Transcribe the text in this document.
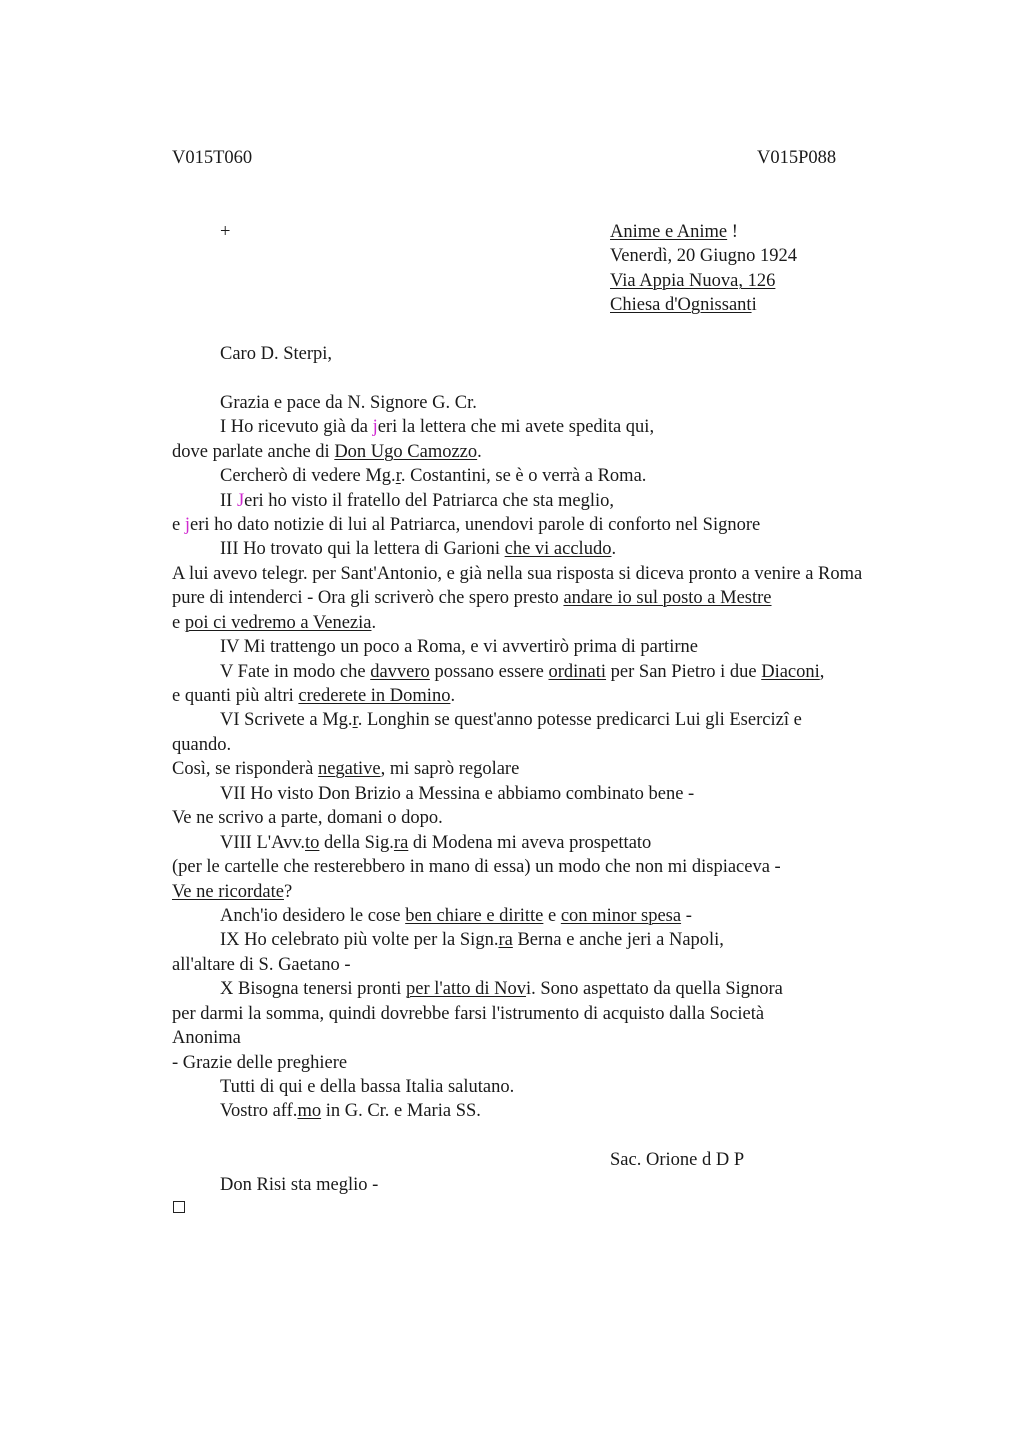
V015T060	V015P088
+	Anime e Anime !
Venerdì, 20 Giugno 1924
Via Appia Nuova, 126
Chiesa d'Ognissanti
Caro D. Sterpi,
Grazia e pace da N. Signore G. Cr.
I Ho ricevuto già da jeri la lettera che mi avete spedita qui,
dove parlate anche di Don Ugo Camozzo.
Cercherò di vedere Mg.r. Costantini, se è o verrà a Roma.
II Jeri ho visto il fratello del Patriarca che sta meglio,
e jeri ho dato notizie di lui al Patriarca, unendovi parole di conforto nel Signore
III Ho trovato qui la lettera di Garioni che vi accludo.
A lui avevo telegr. per Sant'Antonio, e già nella sua risposta si diceva pronto a venire a Roma
pure di intenderci - Ora gli scriverò che spero presto andare io sul posto a Mestre
e poi ci vedremo a Venezia.
IV Mi trattengo un poco a Roma, e vi avvertirò prima di partirne
V Fate in modo che davvero possano essere ordinati per San Pietro i due Diaconi,
e quanti più altri crederete in Domino.
VI Scrivete a Mg.r. Longhin se quest'anno potesse predicarci Lui gli Esercizî e
quando.
Così, se risponderà negative, mi saprò regolare
VII Ho visto Don Brizio a Messina e abbiamo combinato bene -
Ve ne scrivo a parte, domani o dopo.
VIII L'Avv.to della Sig.ra di Modena mi aveva prospettato
(per le cartelle che resterebbero in mano di essa) un modo che non mi dispiaceva -
Ve ne ricordate?
Anch'io desidero le cose ben chiare e diritte e con minor spesa -
IX Ho celebrato più volte per la Sign.ra Berna e anche jeri a Napoli,
all'altare di S. Gaetano -
X Bisogna tenersi pronti per l'atto di Novi. Sono aspettato da quella Signora
per darmi la somma, quindi dovrebbe farsi l'istrumento di acquisto dalla Società
Anonima
- Grazie delle preghiere
Tutti di qui e della bassa Italia salutano.
Vostro aff.mo in G. Cr. e Maria SS.
Sac. Orione d D P
Don Risi sta meglio -
